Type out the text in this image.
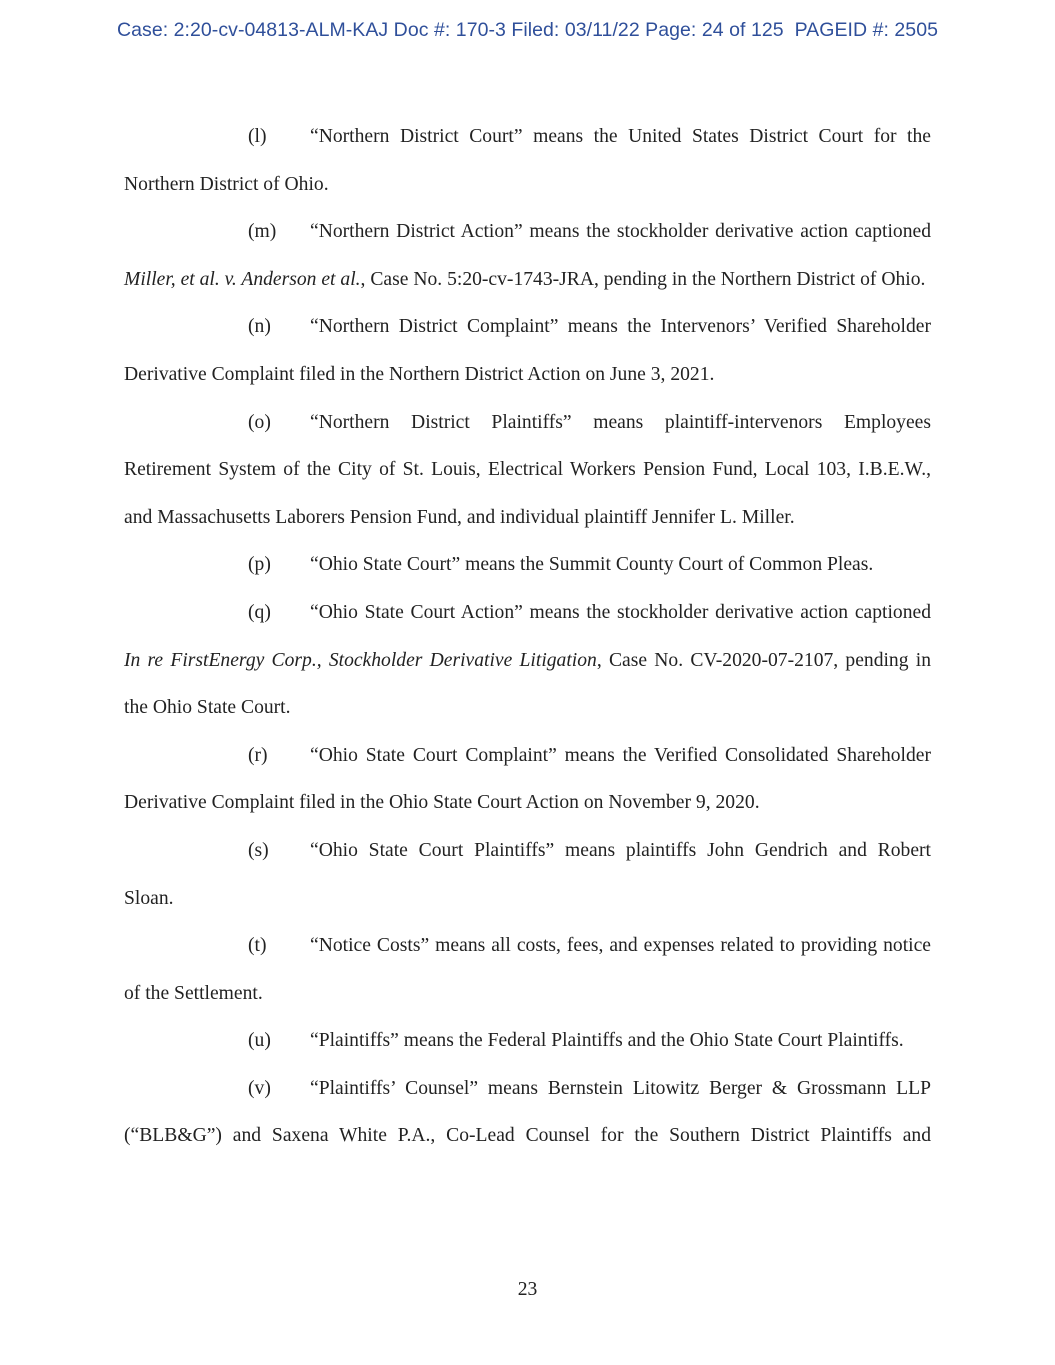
Case: 2:20-cv-04813-ALM-KAJ Doc #: 170-3 Filed: 03/11/22 Page: 24 of 125  PAGEID #: 2505

(l) “Northern District Court” means the United States District Court for the Northern District of Ohio.

(m) “Northern District Action” means the stockholder derivative action captioned Miller, et al. v. Anderson et al., Case No. 5:20-cv-1743-JRA, pending in the Northern District of Ohio.

(n) “Northern District Complaint” means the Intervenors’ Verified Shareholder Derivative Complaint filed in the Northern District Action on June 3, 2021.

(o) “Northern District Plaintiffs” means plaintiff-intervenors Employees Retirement System of the City of St. Louis, Electrical Workers Pension Fund, Local 103, I.B.E.W., and Massachusetts Laborers Pension Fund, and individual plaintiff Jennifer L. Miller.

(p) “Ohio State Court” means the Summit County Court of Common Pleas.

(q) “Ohio State Court Action” means the stockholder derivative action captioned In re FirstEnergy Corp., Stockholder Derivative Litigation, Case No. CV-2020-07-2107, pending in the Ohio State Court.

(r) “Ohio State Court Complaint” means the Verified Consolidated Shareholder Derivative Complaint filed in the Ohio State Court Action on November 9, 2020.

(s) “Ohio State Court Plaintiffs” means plaintiffs John Gendrich and Robert Sloan.

(t) “Notice Costs” means all costs, fees, and expenses related to providing notice of the Settlement.

(u) “Plaintiffs” means the Federal Plaintiffs and the Ohio State Court Plaintiffs.

(v) “Plaintiffs’ Counsel” means Bernstein Litowitz Berger & Grossmann LLP (“BLB&G”) and Saxena White P.A., Co-Lead Counsel for the Southern District Plaintiffs and

23
